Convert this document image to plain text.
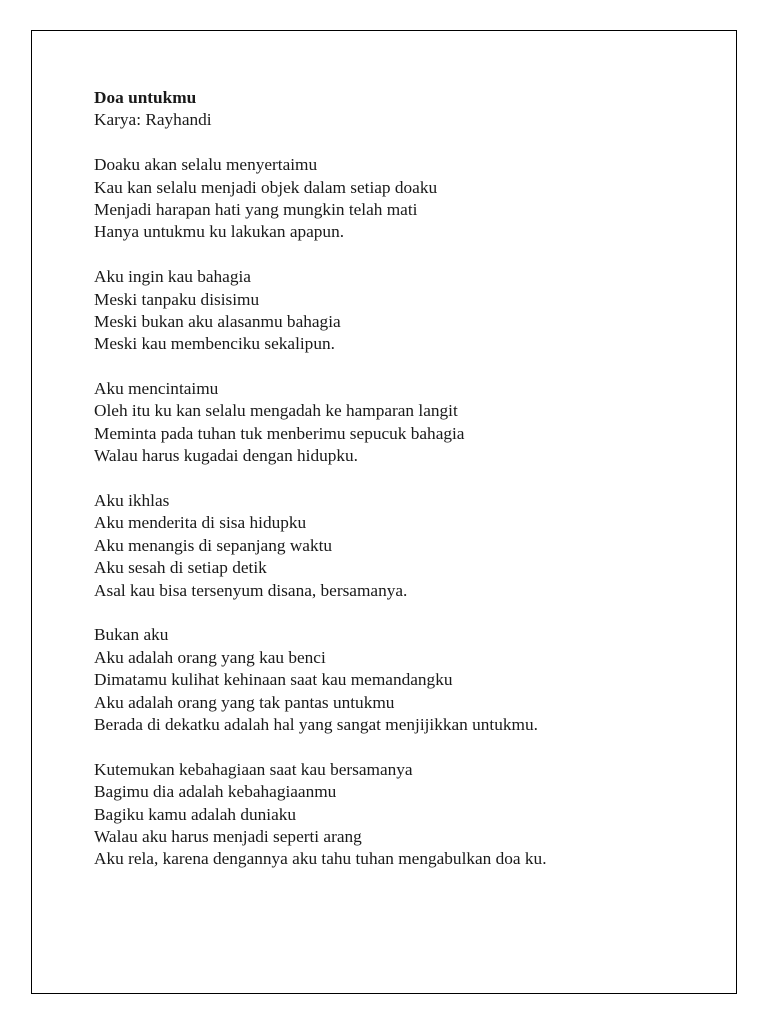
Doa untukmu
Karya: Rayhandi
Doaku akan selalu menyertaimu
Kau kan selalu menjadi objek dalam setiap doaku
Menjadi harapan hati yang mungkin telah mati
Hanya untukmu ku lakukan apapun.
Aku ingin kau bahagia
Meski tanpaku disisimu
Meski bukan aku alasanmu bahagia
Meski kau membenciku sekalipun.
Aku mencintaimu
Oleh itu ku kan selalu mengadah ke hamparan langit
Meminta pada tuhan tuk menberimu sepucuk bahagia
Walau harus kugadai dengan hidupku.
Aku ikhlas
Aku menderita di sisa hidupku
Aku menangis di sepanjang waktu
Aku sesah di setiap detik
Asal kau bisa tersenyum disana, bersamanya.
Bukan aku
Aku adalah orang yang kau benci
Dimatamu kulihat kehinaan saat kau memandangku
Aku adalah orang yang tak pantas untukmu
Berada di dekatku adalah hal yang sangat menjijikkan untukmu.
Kutemukan kebahagiaan saat kau bersamanya
Bagimu dia adalah kebahagiaanmu
Bagiku kamu adalah duniaku
Walau aku harus menjadi seperti arang
Aku rela, karena dengannya aku tahu tuhan mengabulkan doa ku.
